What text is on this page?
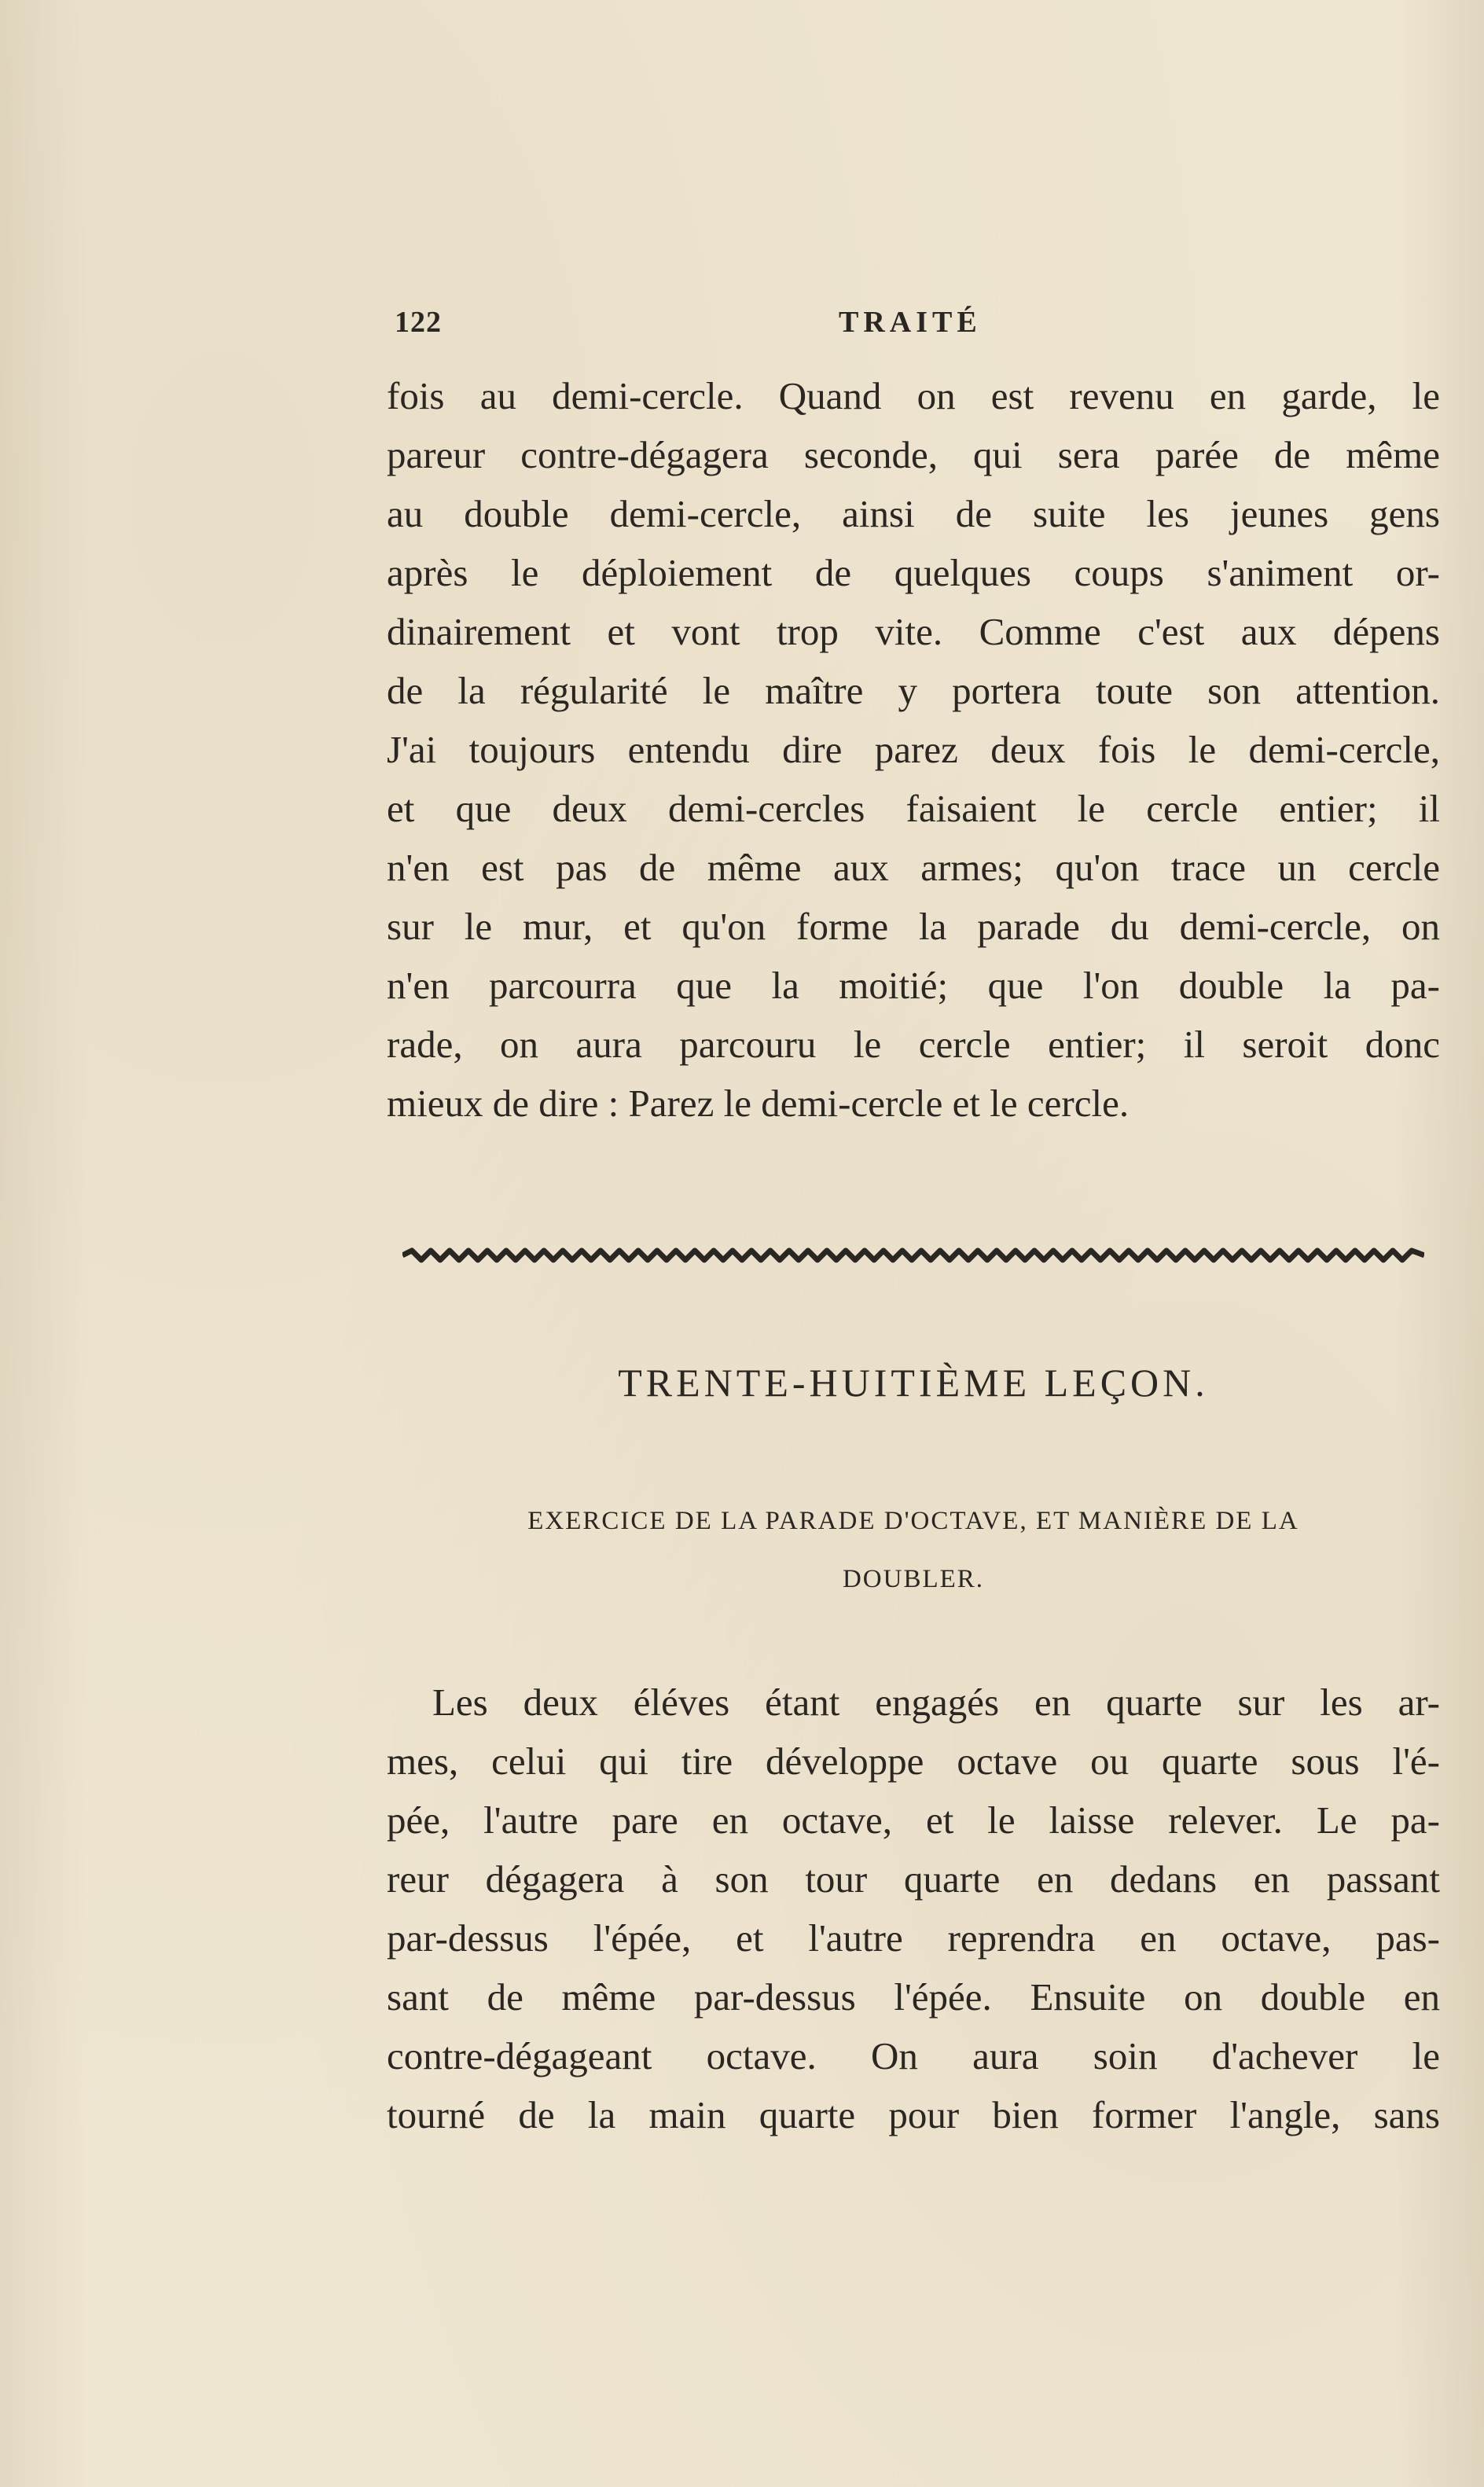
122	TRAITÉ
fois au demi-cercle. Quand on est revenu en garde, le
pareur contre-dégagera seconde, qui sera parée de même
au double demi-cercle, ainsi de suite les jeunes gens
après le déploiement de quelques coups s'animent or-
dinairement et vont trop vite. Comme c'est aux dépens
de la régularité le maître y portera toute son attention.
J'ai toujours entendu dire parez deux fois le demi-cercle,
et que deux demi-cercles faisaient le cercle entier; il
n'en est pas de même aux armes; qu'on trace un cercle
sur le mur, et qu'on forme la parade du demi-cercle, on
n'en parcourra que la moitié; que l'on double la pa-
rade, on aura parcouru le cercle entier; il seroit donc
mieux de dire : Parez le demi-cercle et le cercle.
TRENTE-HUITIÈME LEÇON.
EXERCICE DE LA PARADE D'OCTAVE, ET MANIÈRE DE LA
DOUBLER.
Les deux éléves étant engagés en quarte sur les ar-
mes, celui qui tire développe octave ou quarte sous l'é-
pée, l'autre pare en octave, et le laisse relever. Le pa-
reur dégagera à son tour quarte en dedans en passant
par-dessus l'épée, et l'autre reprendra en octave, pas-
sant de même par-dessus l'épée. Ensuite on double en
contre-dégageant octave. On aura soin d'achever le
tourné de la main quarte pour bien former l'angle, sans
